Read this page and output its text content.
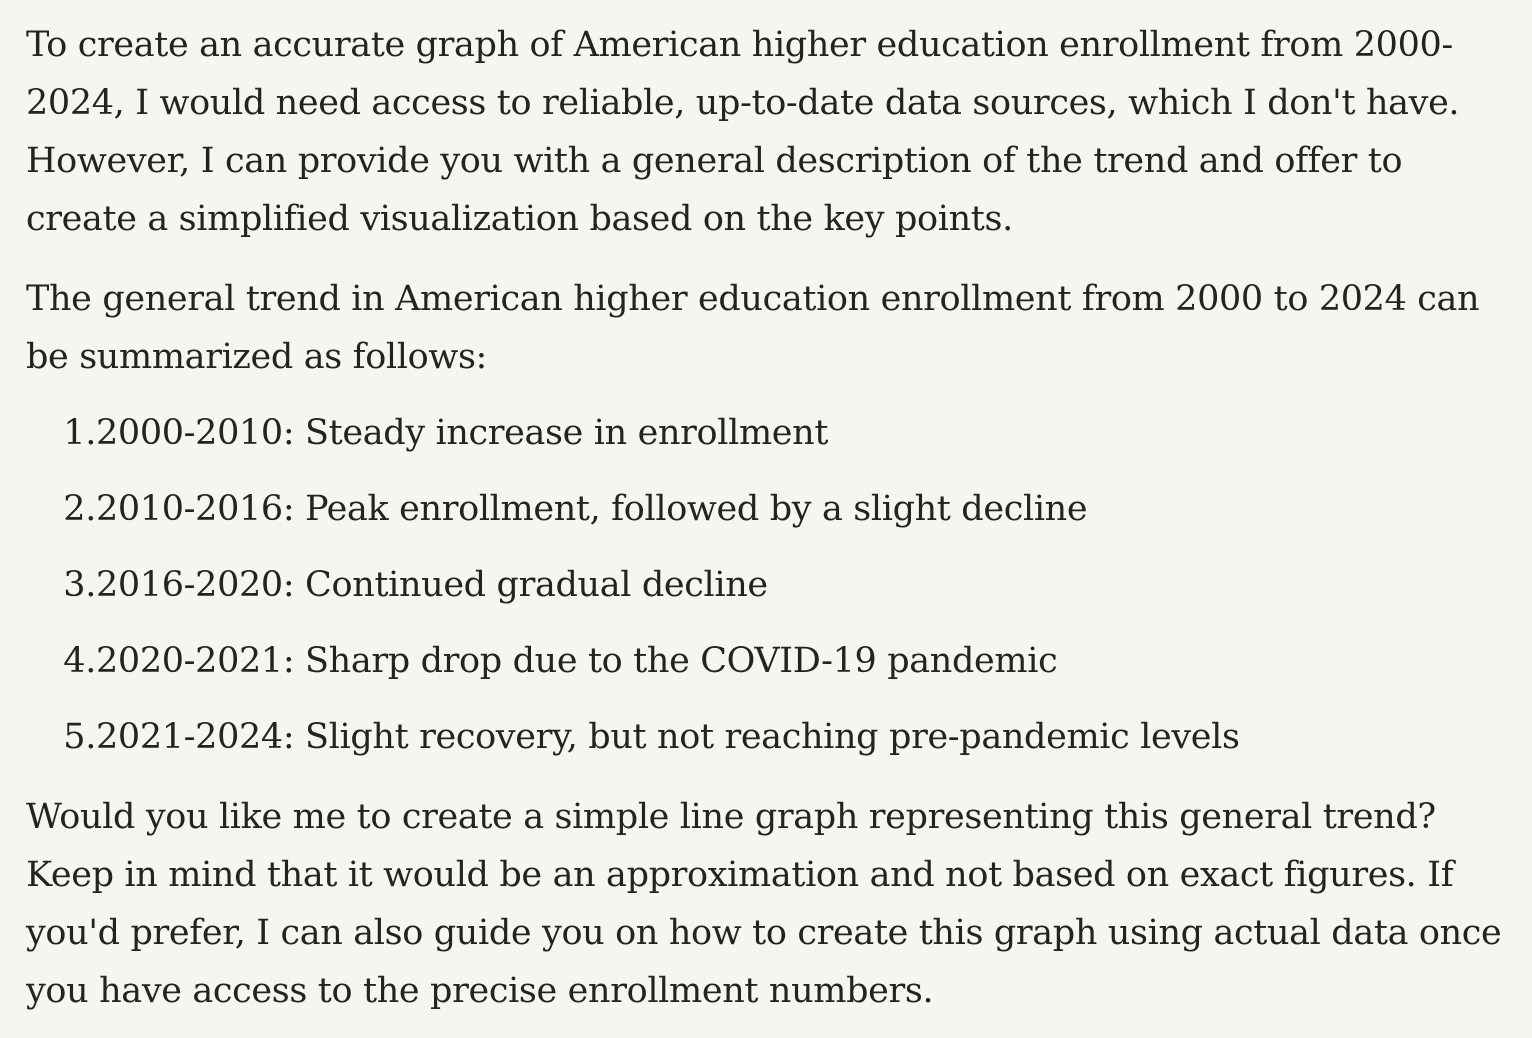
To create an accurate graph of American higher education enrollment from 2000-2024, I would need access to reliable, up-to-date data sources, which I don't have. However, I can provide you with a general description of the trend and offer to create a simplified visualization based on the key points.

The general trend in American higher education enrollment from 2000 to 2024 can be summarized as follows:

1. 2000-2010: Steady increase in enrollment
2. 2010-2016: Peak enrollment, followed by a slight decline
3. 2016-2020: Continued gradual decline
4. 2020-2021: Sharp drop due to the COVID-19 pandemic
5. 2021-2024: Slight recovery, but not reaching pre-pandemic levels

Would you like me to create a simple line graph representing this general trend? Keep in mind that it would be an approximation and not based on exact figures. If you'd prefer, I can also guide you on how to create this graph using actual data once you have access to the precise enrollment numbers.
